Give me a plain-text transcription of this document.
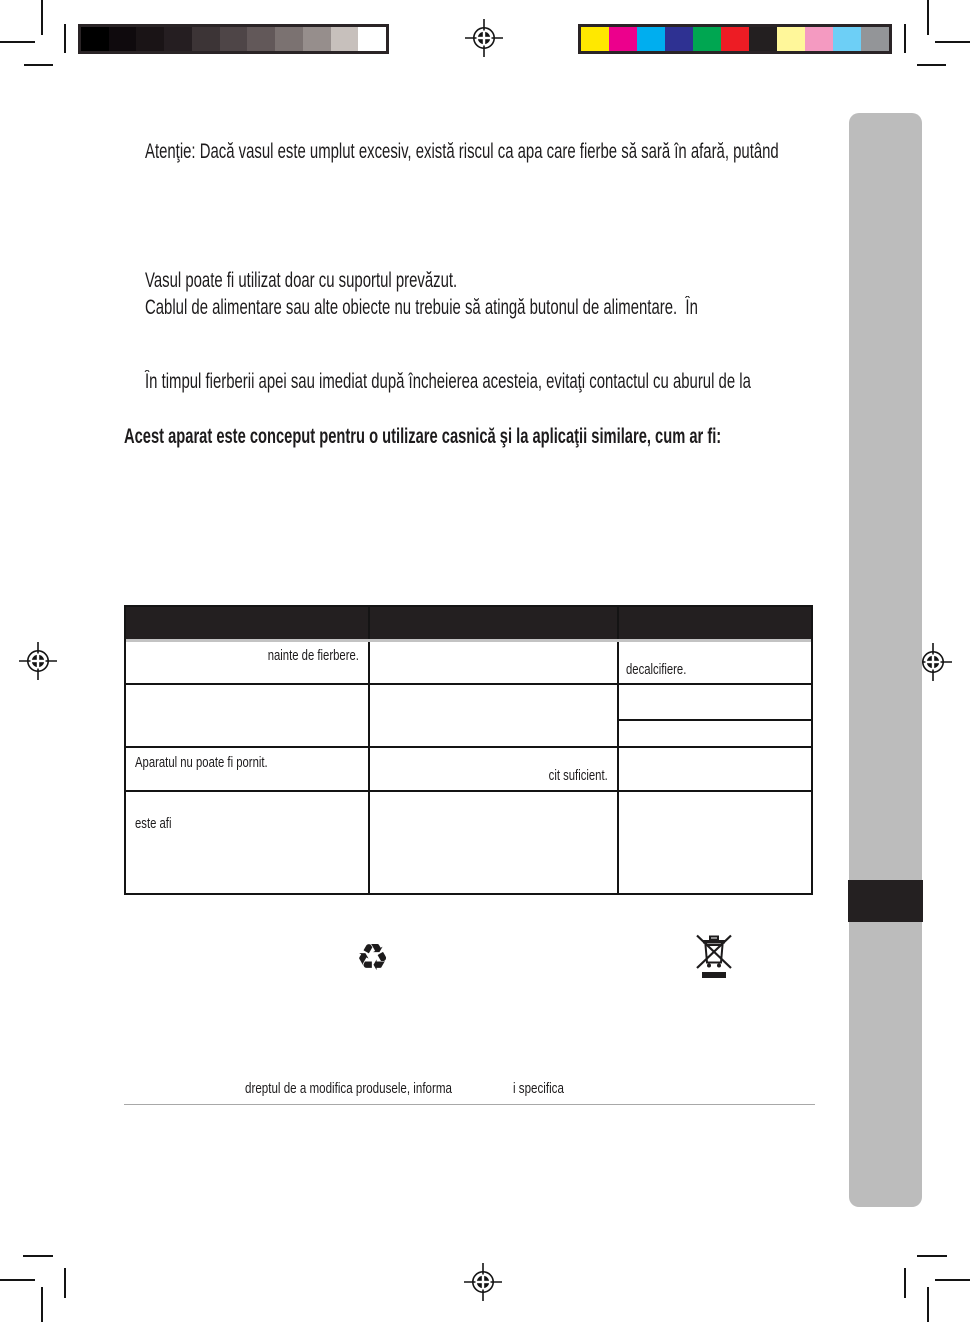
Atenţie: Dacă vasul este umplut excesiv, există riscul ca apa care fierbe să sară în afară, putând
Vasul poate fi utilizat doar cu suportul prevăzut.
Cablul de alimentare sau alte obiecte nu trebuie să atingă butonul de alimentare.  În
În timpul fierberii apei sau imediat după încheierea acesteia, evitaţi contactul cu aburul de la
Acest aparat este conceput pentru o utilizare casnică şi la aplicaţii similare, cum ar fi:
nainte de fierbere.
decalcifiere.
Aparatul nu poate fi pornit.
cit suficient.
este afi
♻
dreptul de a modifica produsele, informa	i specifica
